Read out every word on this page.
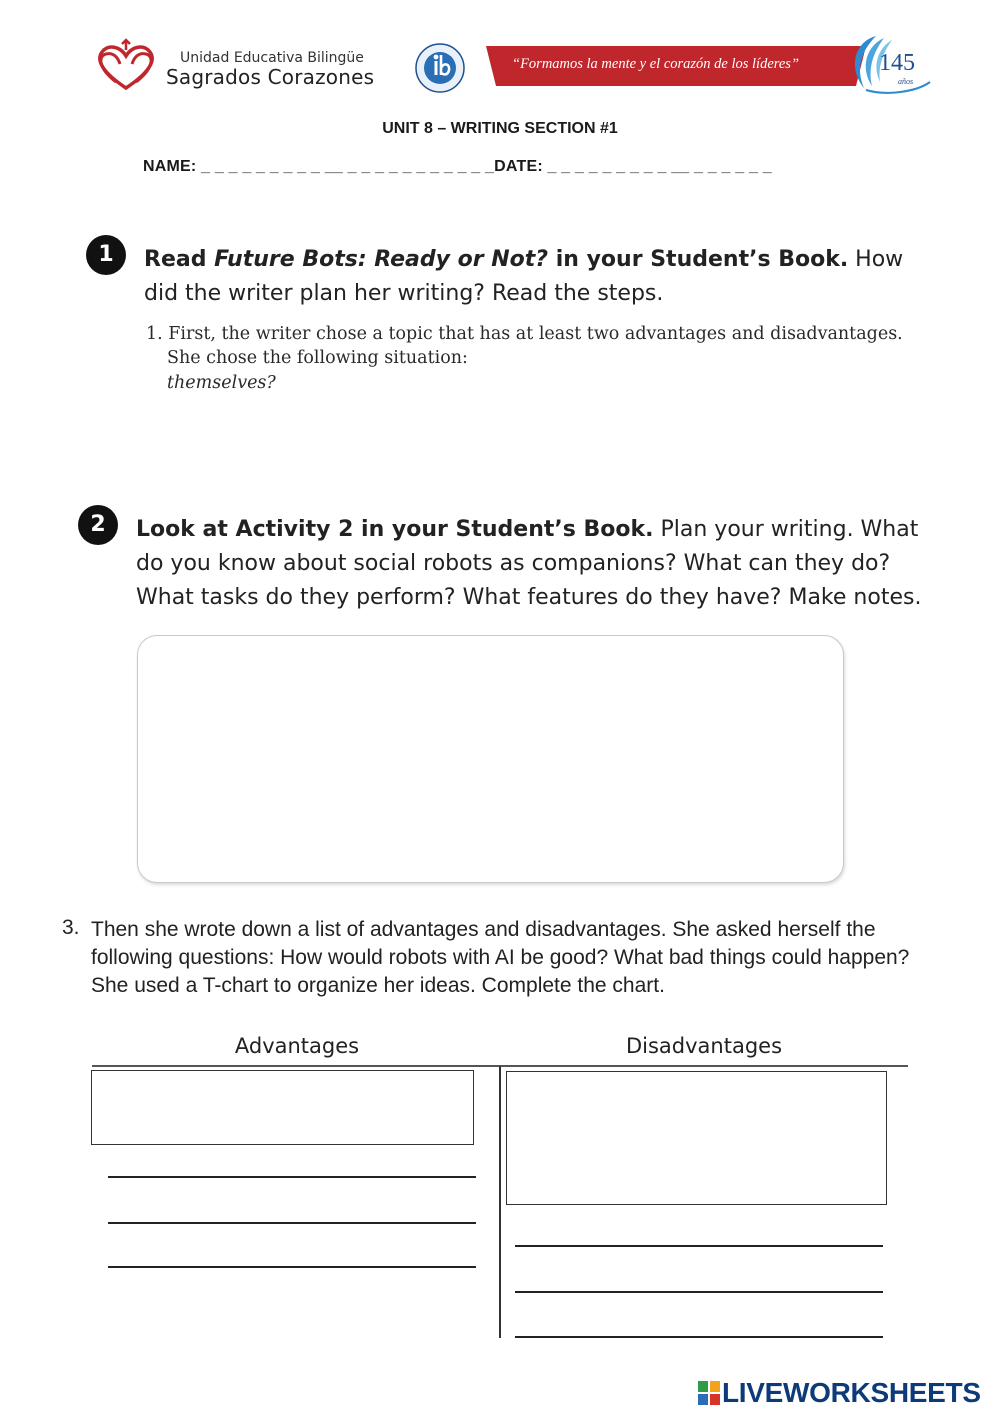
Unidad Educativa Bilingüe
Sagrados Corazones
“Formamos la mente y el corazón de los líderes”	145
años
UNIT 8 – WRITING SECTION #1
NAME: _ _ _ _ _ _ _ _ _ __ _ _ _ _ _ _ _ _ _ _ _DATE: _ _ _ _ _ _ _ _ _ __ _ _ _ _ _ _
1	Read Future Bots: Ready or Not? in your Student’s Book. How did the writer plan her writing? Read the steps.
1. First, the writer chose a topic that has at least two advantages and disadvantages.
She chose the following situation:
themselves?
2	Look at Activity 2 in your Student’s Book. Plan your writing. What do you know about social robots as companions? What can they do? What tasks do they perform? What features do they have? Make notes.
3. Then she wrote down a list of advantages and disadvantages. She asked herself the following questions: How would robots with AI be good? What bad things could happen? She used a T-chart to organize her ideas. Complete the chart.
Advantages	Disadvantages
LIVEWORKSHEETS
